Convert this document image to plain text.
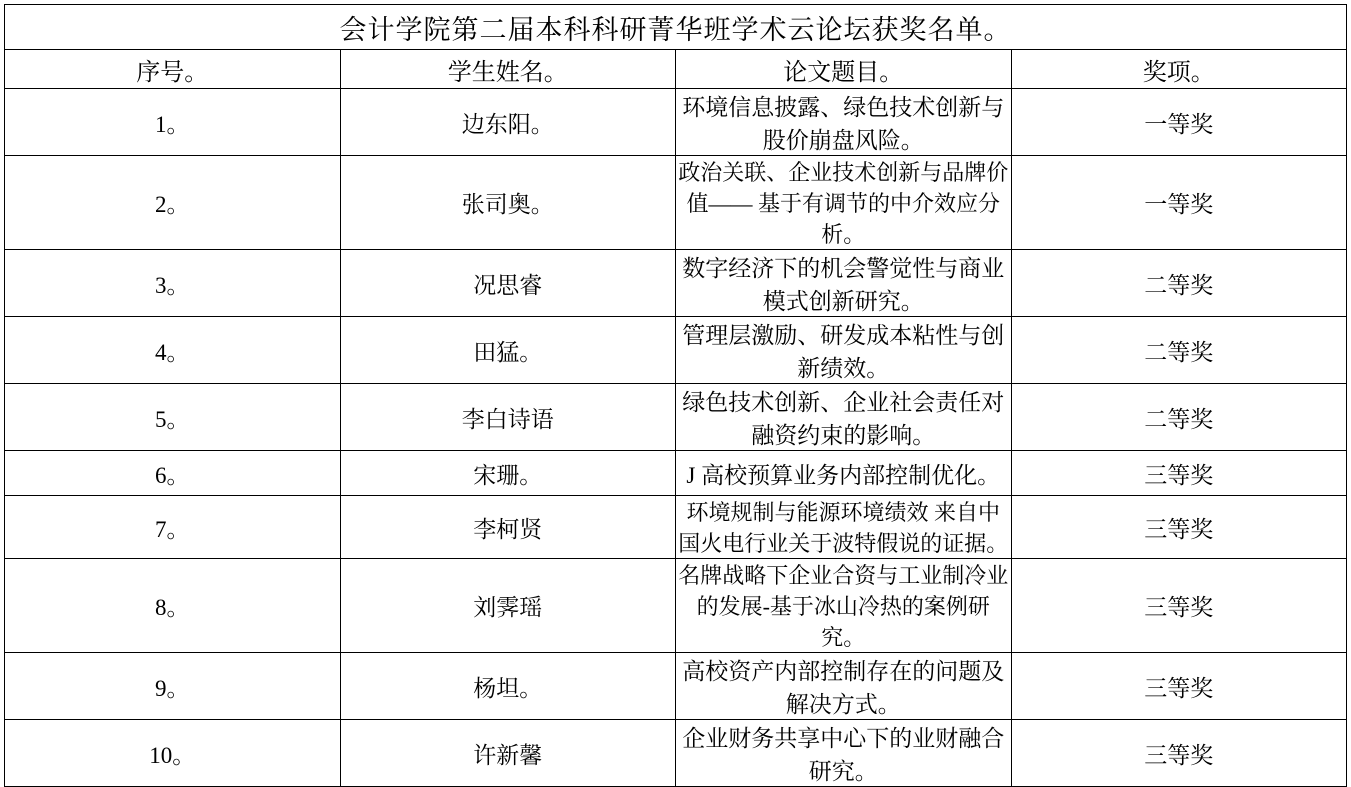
会计学院第二届本科科研菁华班学术云论坛获奖名单。			
序号。	学生姓名。	论文题目。	奖项。
1。	边东阳。	环境信息披露、绿色技术创新与股价崩盘风险。	一等奖
2。	张司奥。	政治关联、企业技术创新与品牌价值—— 基于有调节的中介效应分析。	一等奖
3。	况思睿	数字经济下的机会警觉性与商业模式创新研究。	二等奖
4。	田猛。	管理层激励、研发成本粘性与创新绩效。	二等奖
5。	李白诗语	绿色技术创新、企业社会责任对融资约束的影响。	二等奖
6。	宋珊。	J 高校预算业务内部控制优化。	三等奖
7。	李柯贤	环境规制与能源环境绩效 来自中国火电行业关于波特假说的证据。	三等奖
8。	刘霁瑶	名牌战略下企业合资与工业制冷业的发展-基于冰山冷热的案例研究。	三等奖
9。	杨坦。	高校资产内部控制存在的问题及解决方式。	三等奖
10。	许新馨	企业财务共享中心下的业财融合研究。	三等奖
